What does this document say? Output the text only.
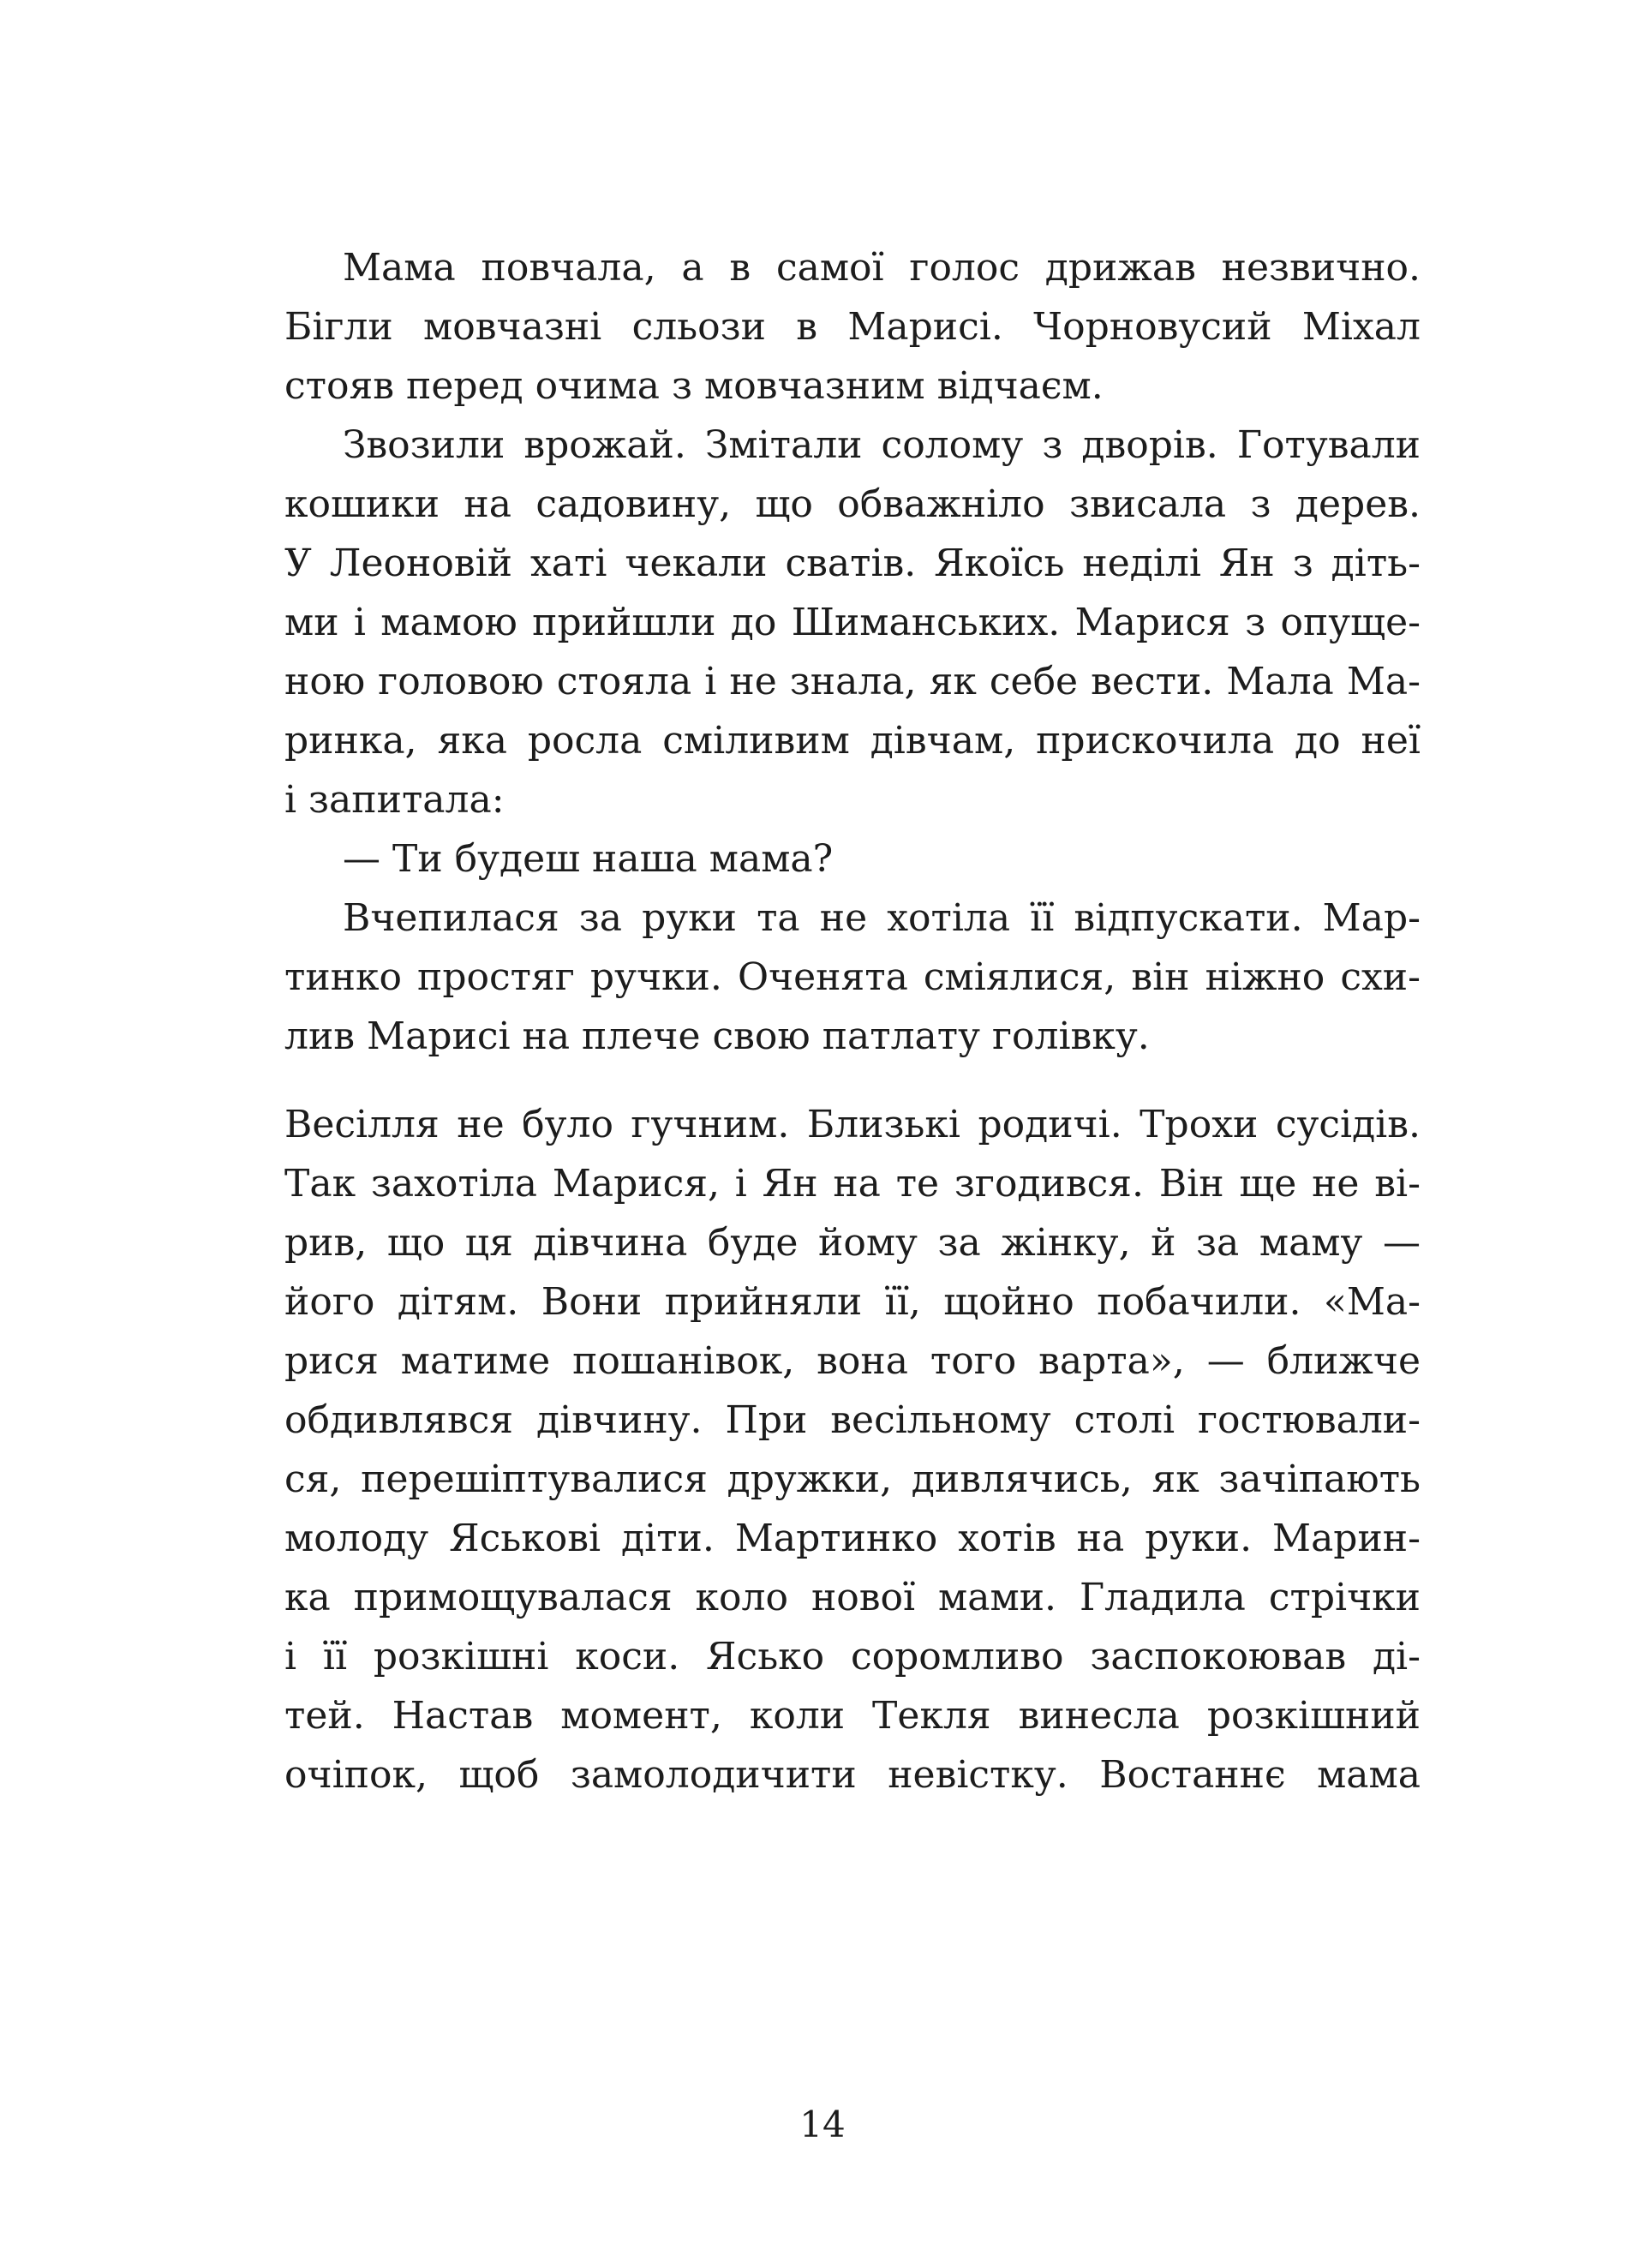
Мама повчала, а в самої голос дрижав незвично.
Бігли мовчазні сльози в Марисі. Чорновусий Міхал
стояв перед очима з мовчазним відчаєм.
Звозили врожай. Змітали солому з дворів. Готували
кошики на садовину, що обважніло звисала з дерев.
У Леоновій хаті чекали сватів. Якоїсь неділі Ян з діть-
ми і мамою прийшли до Шиманських. Марися з опуще-
ною головою стояла і не знала, як себе вести. Мала Ма-
ринка, яка росла сміливим дівчам, прискочила до неї
і запитала:
— Ти будеш наша мама?
Вчепилася за руки та не хотіла її відпускати. Мар-
тинко простяг ручки. Оченята сміялися, він ніжно схи-
лив Марисі на плече свою патлату голівку.
Весілля не було гучним. Близькі родичі. Трохи сусідів.
Так захотіла Марися, і Ян на те згодився. Він ще не ві-
рив, що ця дівчина буде йому за жінку, й за маму —
його дітям. Вони прийняли її, щойно побачили. «Ма-
рися матиме пошанівок, вона того варта», — ближче
обдивлявся дівчину. При весільному столі гостювали-
ся, перешіптувалися дружки, дивлячись, як зачіпають
молоду Яськові діти. Мартинко хотів на руки. Марин-
ка примощувалася коло нової мами. Гладила стрічки
і її розкішні коси. Ясько соромливо заспокоював ді-
тей. Настав момент, коли Текля винесла розкішний
очіпок, щоб замолодичити невістку. Востаннє мама
14
